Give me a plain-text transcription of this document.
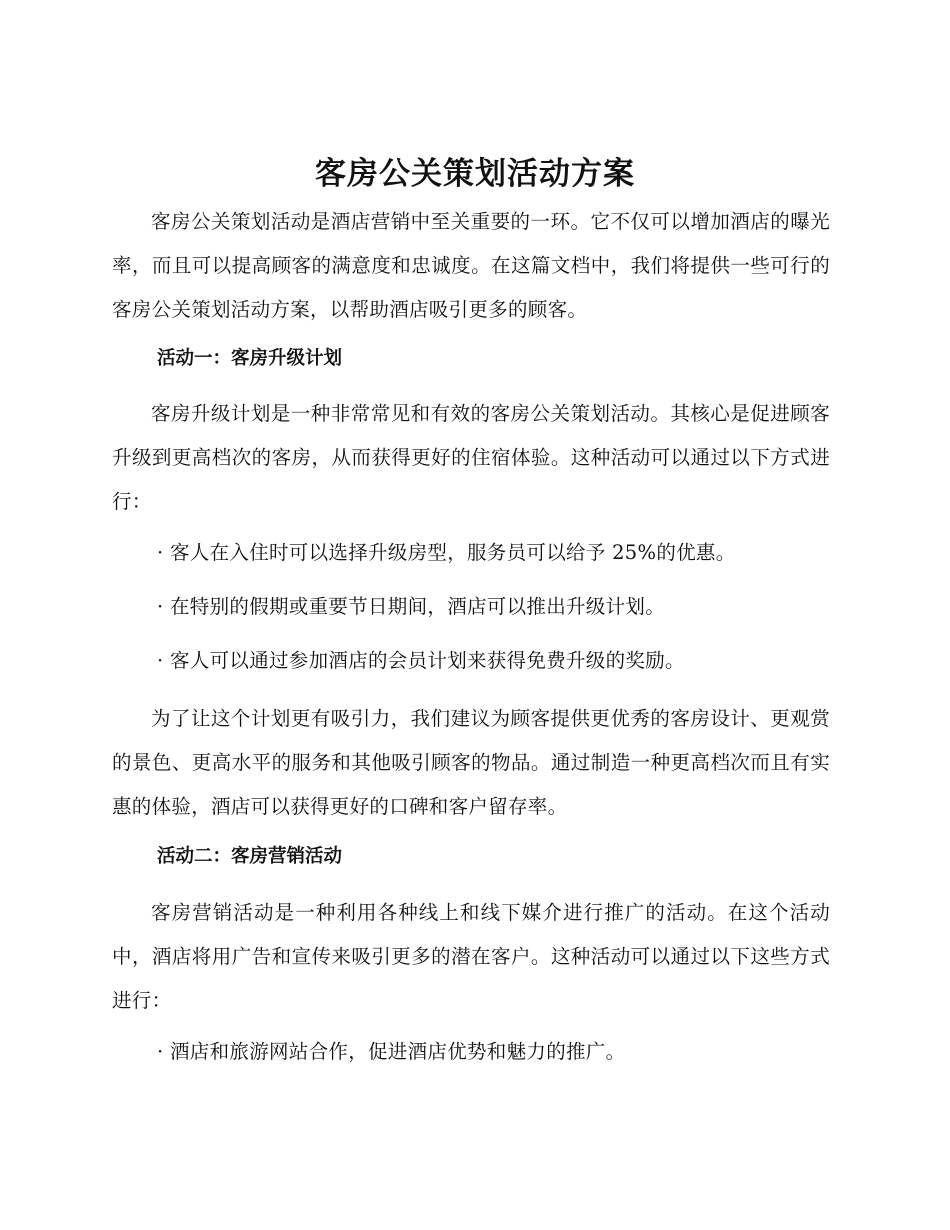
客房公关策划活动方案

客房公关策划活动是酒店营销中至关重要的一环。它不仅可以增加酒店的曝光率，而且可以提高顾客的满意度和忠诚度。在这篇文档中，我们将提供一些可行的客房公关策划活动方案，以帮助酒店吸引更多的顾客。

活动一：客房升级计划

客房升级计划是一种非常常见和有效的客房公关策划活动。其核心是促进顾客升级到更高档次的客房，从而获得更好的住宿体验。这种活动可以通过以下方式进行：

· 客人在入住时可以选择升级房型，服务员可以给予 25%的优惠。

· 在特别的假期或重要节日期间，酒店可以推出升级计划。

· 客人可以通过参加酒店的会员计划来获得免费升级的奖励。

为了让这个计划更有吸引力，我们建议为顾客提供更优秀的客房设计、更观赏的景色、更高水平的服务和其他吸引顾客的物品。通过制造一种更高档次而且有实惠的体验，酒店可以获得更好的口碑和客户留存率。

活动二：客房营销活动

客房营销活动是一种利用各种线上和线下媒介进行推广的活动。在这个活动中，酒店将用广告和宣传来吸引更多的潜在客户。这种活动可以通过以下这些方式进行：

· 酒店和旅游网站合作，促进酒店优势和魅力的推广。
